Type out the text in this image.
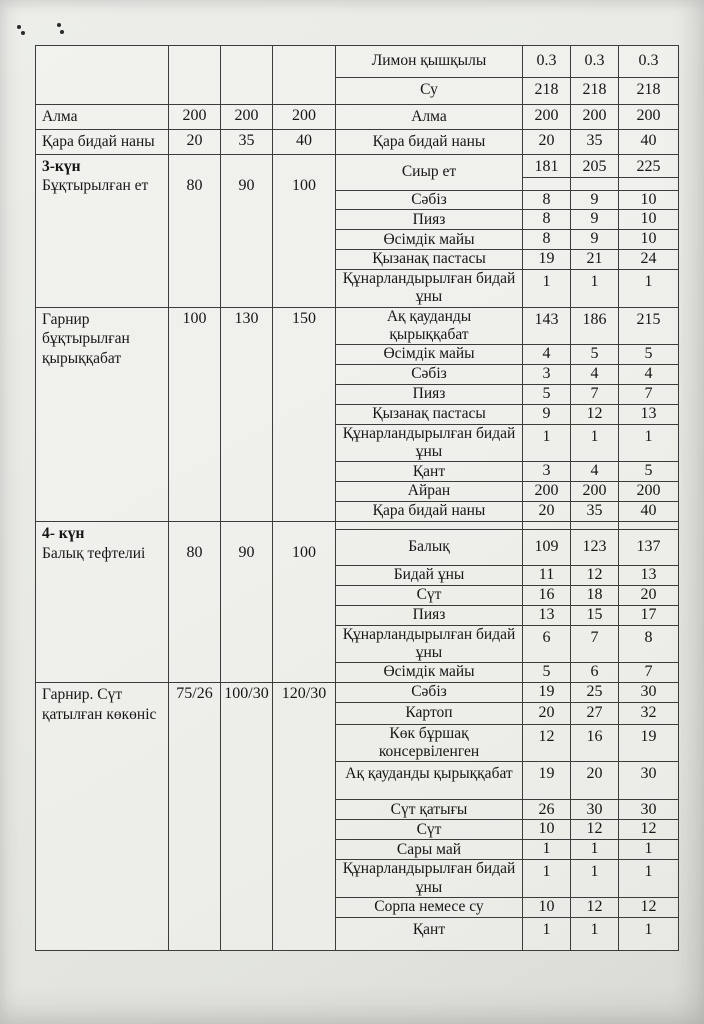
				Лимон қышқылы	0.3	0.3	0.3
				Су	218	218	218
Алма	200	200	200	Алма	200	200	200
Қара бидай наны	20	35	40	Қара бидай наны	20	35	40

3-күн
Бұқтырылған ет	80	90	100	Сиыр ет	181	205	225

				Сәбіз	8	9	10
				Пияз	8	9	10
				Өсімдік майы	8	9	10
				Қызанақ пастасы	19	21	24
				Құнарландырылған бидай ұны	1	1	1

Гарнир бұқтырылған қырыққабат	100	130	150	Ақ қауданды қырыққабат	143	186	215
				Өсімдік майы	4	5	5
				Сәбіз	3	4	4
				Пияз	5	7	7
				Қызанақ пастасы	9	12	13
				Құнарландырылған бидай ұны	1	1	1
				Қант	3	4	5
				Айран	200	200	200
				Қара бидай наны	20	35	40

4- күн
Балық тефтелиі	80	90	100				
				Балық	109	123	137
				Бидай ұны	11	12	13
				Сүт	16	18	20
				Пияз	13	15	17
				Құнарландырылған бидай ұны	6	7	8
				Өсімдік майы	5	6	7

Гарнир. Сүт қатылған көкөніс	75/26	100/30	120/30	Сәбіз	19	25	30
				Картоп	20	27	32
				Көк бұршақ консервіленген	12	16	19
				Ақ қауданды қырыққабат	19	20	30
				Сүт қатығы	26	30	30
				Сүт	10	12	12
				Сары май	1	1	1
				Құнарландырылған бидай ұны	1	1	1
				Сорпа немесе су	10	12	12
				Қант	1	1	1
